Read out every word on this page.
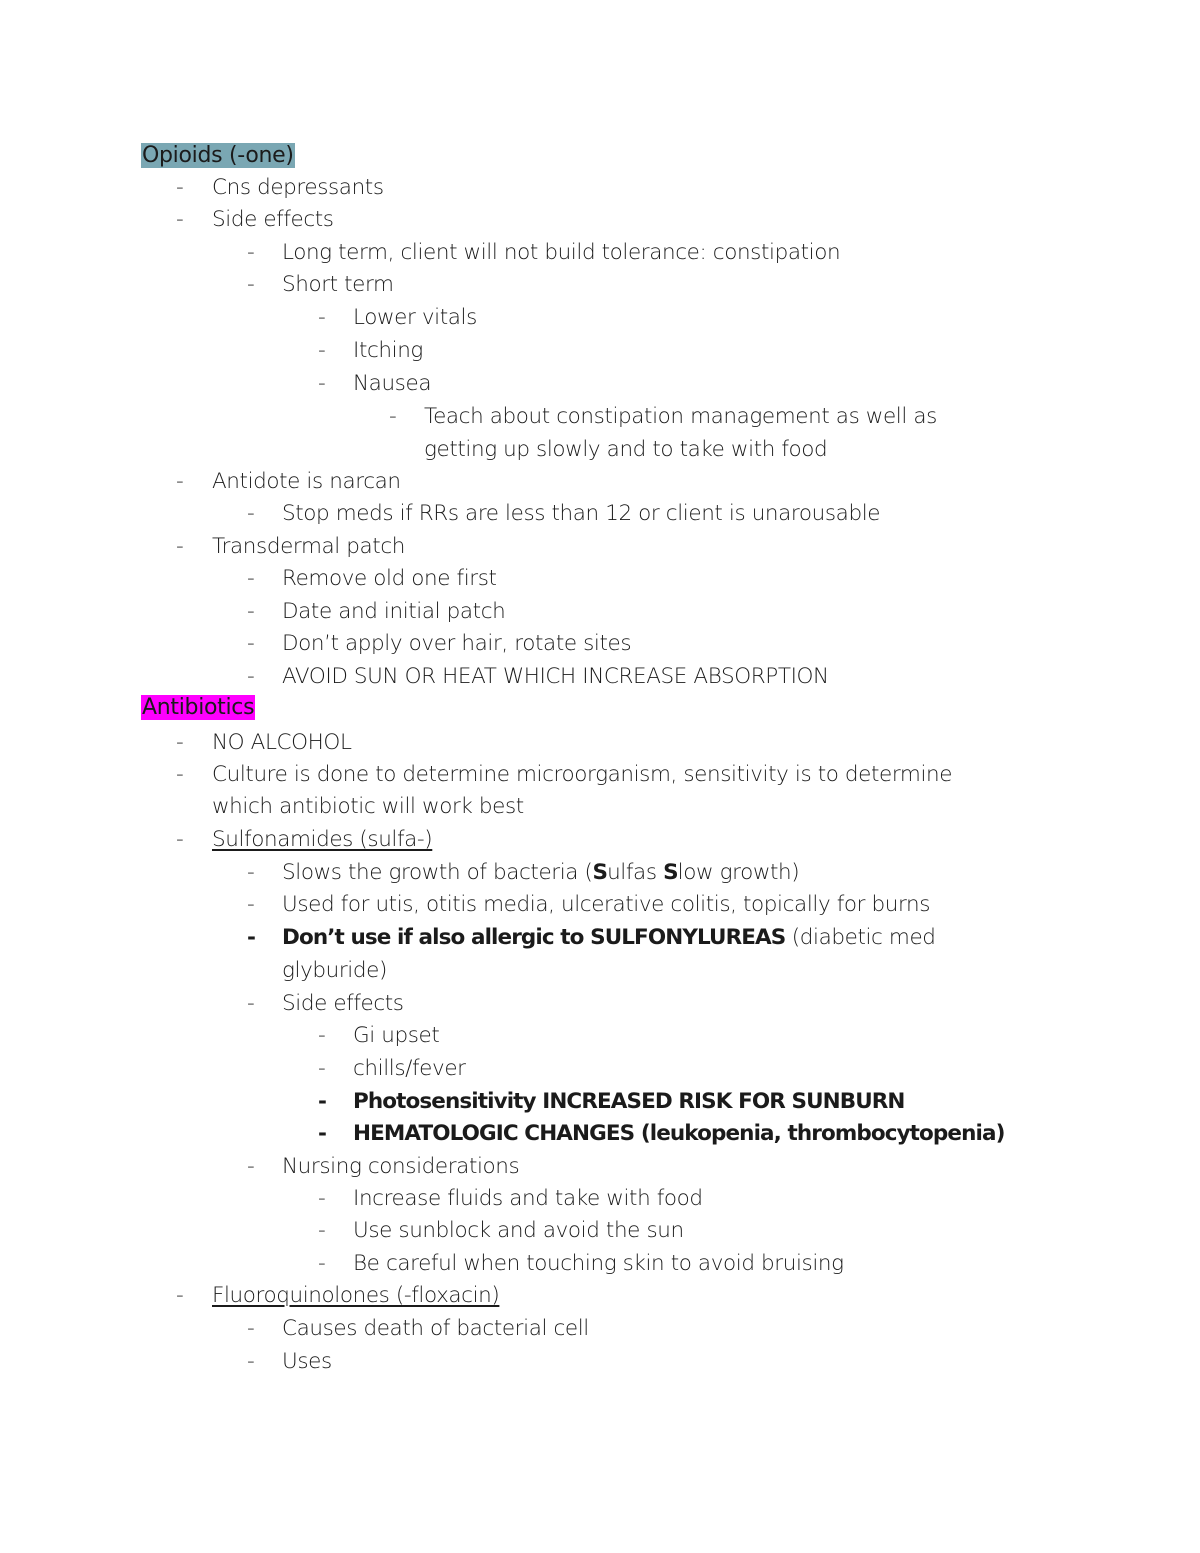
Opioids (-one)
- Cns depressants
- Side effects
- Long term, client will not build tolerance: constipation
- Short term
- Lower vitals
- Itching
- Nausea
- Teach about constipation management as well as
getting up slowly and to take with food
- Antidote is narcan
- Stop meds if RRs are less than 12 or client is unarousable
- Transdermal patch
- Remove old one first
- Date and initial patch
- Don’t apply over hair, rotate sites
- AVOID SUN OR HEAT WHICH INCREASE ABSORPTION
Antibiotics
- NO ALCOHOL
- Culture is done to determine microorganism, sensitivity is to determine
which antibiotic will work best
- Sulfonamides (sulfa-)
- Slows the growth of bacteria (Sulfas Slow growth)
- Used for utis, otitis media, ulcerative colitis, topically for burns
- Don’t use if also allergic to SULFONYLUREAS (diabetic med
glyburide)
- Side effects
- Gi upset
- chills/fever
- Photosensitivity INCREASED RISK FOR SUNBURN
- HEMATOLOGIC CHANGES (leukopenia, thrombocytopenia)
- Nursing considerations
- Increase fluids and take with food
- Use sunblock and avoid the sun
- Be careful when touching skin to avoid bruising
- Fluoroquinolones (-floxacin)
- Causes death of bacterial cell
- Uses
